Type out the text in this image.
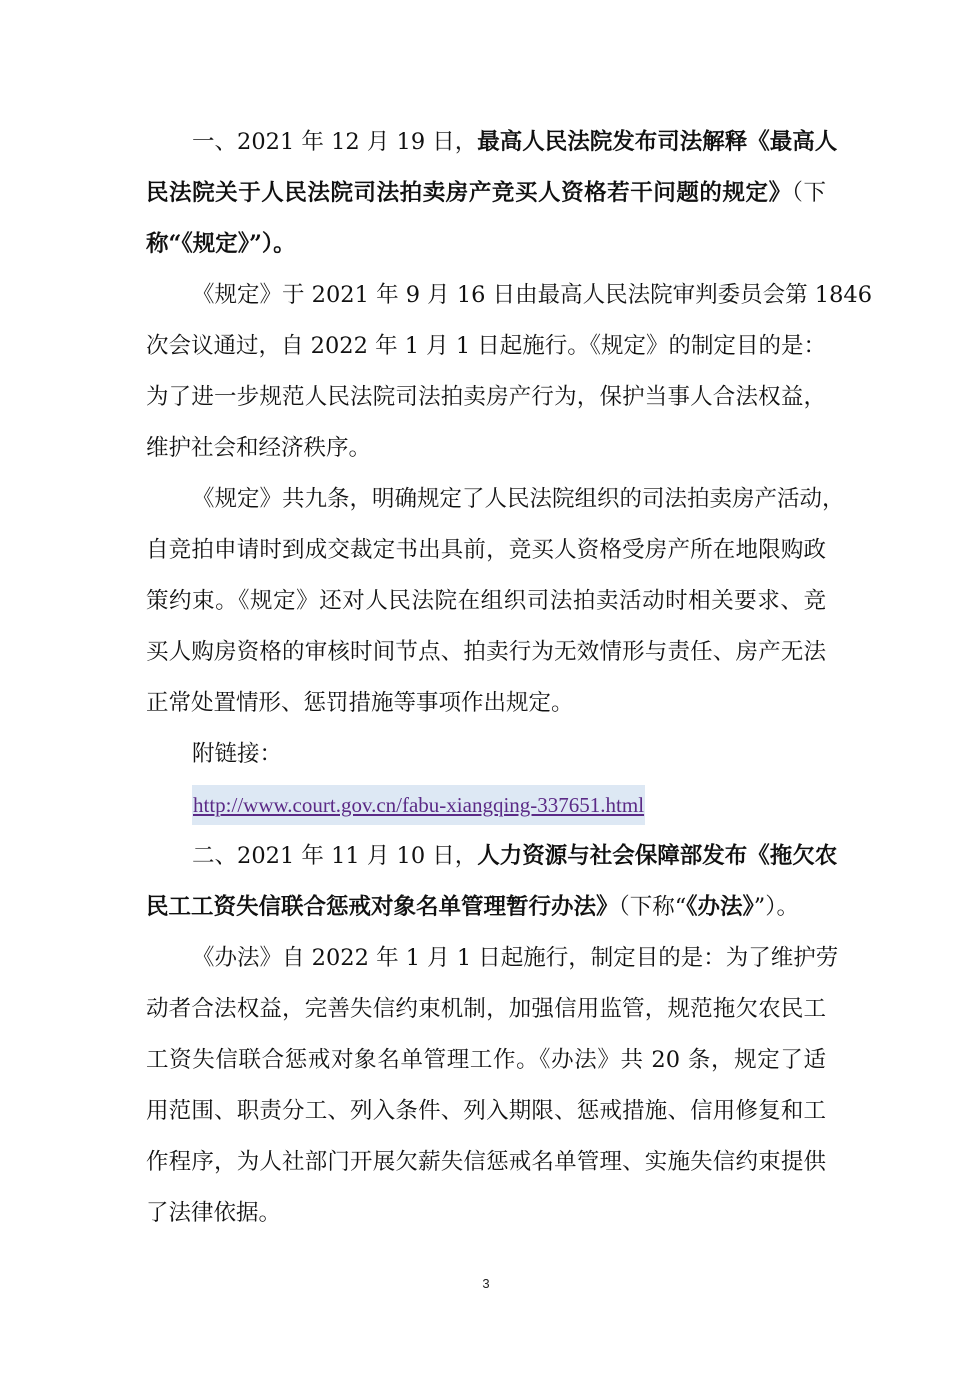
一、2021 年 12 月 19 日，最高人民法院发布司法解释《最高人
民法院关于人民法院司法拍卖房产竞买人资格若干问题的规定》（下
称“《规定》”）。
《规定》于 2021 年 9 月 16 日由最高人民法院审判委员会第 1846
次会议通过，自 2022 年 1 月 1 日起施行。《规定》的制定目的是：
为了进一步规范人民法院司法拍卖房产行为，保护当事人合法权益，
维护社会和经济秩序。
《规定》共九条，明确规定了人民法院组织的司法拍卖房产活动，
自竞拍申请时到成交裁定书出具前，竞买人资格受房产所在地限购政
策约束。《规定》还对人民法院在组织司法拍卖活动时相关要求、竞
买人购房资格的审核时间节点、拍卖行为无效情形与责任、房产无法
正常处置情形、惩罚措施等事项作出规定。
附链接：
http://www.court.gov.cn/fabu-xiangqing-337651.html
二、2021 年 11 月 10 日，人力资源与社会保障部发布《拖欠农
民工工资失信联合惩戒对象名单管理暂行办法》（下称“《办法》”）。
《办法》自 2022 年 1 月 1 日起施行，制定目的是：为了维护劳
动者合法权益，完善失信约束机制，加强信用监管，规范拖欠农民工
工资失信联合惩戒对象名单管理工作。《办法》共 20 条，规定了适
用范围、职责分工、列入条件、列入期限、惩戒措施、信用修复和工
作程序，为人社部门开展欠薪失信惩戒名单管理、实施失信约束提供
了法律依据。
3
